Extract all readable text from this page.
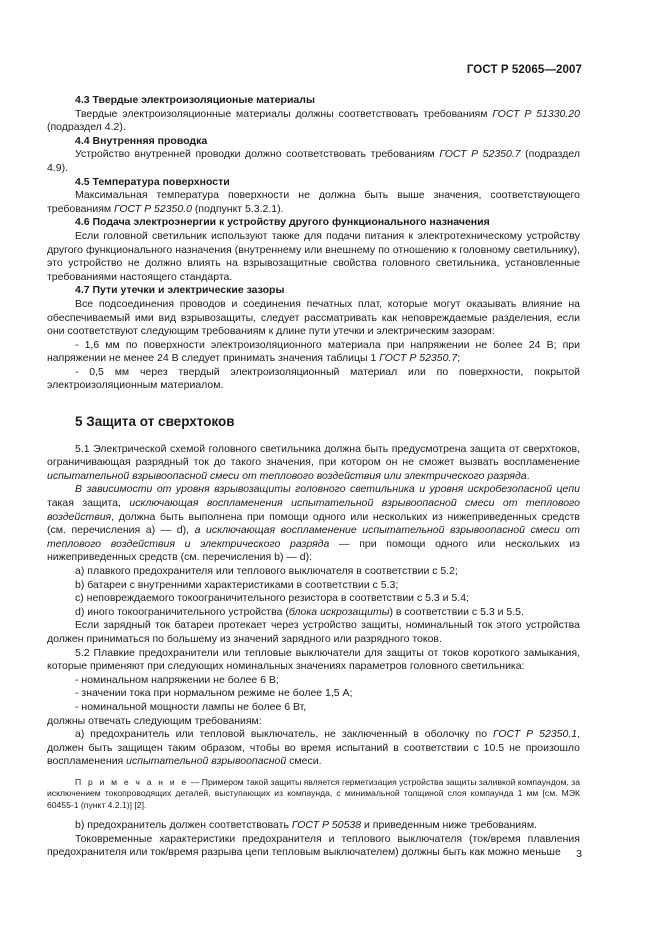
ГОСТ Р 52065—2007

4.3 Твердые электроизоляционые материалы

Твердые электроизоляционные материалы должны соответствовать требованиям ГОСТ Р 51330.20 (подраздел 4.2).

4.4 Внутренняя проводка

Устройство внутренней проводки должно соответствовать требованиям ГОСТ Р 52350.7 (подраздел 4.9).

4.5 Температура поверхности

Максимальная температура поверхности не должна быть выше значения, соответствующего требованиям ГОСТ Р 52350.0 (подпункт 5.3.2.1).

4.6 Подача электроэнергии к устройству другого функционального назначения

Если головной светильник используют также для подачи питания к электротехническому устройству другого функционального назначения (внутреннему или внешнему по отношению к головному светильнику), это устройство не должно влиять на взрывозащитные свойства головного светильника, установленные требованиями настоящего стандарта.

4.7 Пути утечки и электрические зазоры

Все подсоединения проводов и соединения печатных плат, которые могут оказывать влияние на обеспечиваемый ими вид взрывозащиты, следует рассматривать как неповреждаемые разделения, если они соответствуют следующим требованиям к длине пути утечки и электрическим зазорам:

- 1,6 мм по поверхности электроизоляционного материала при напряжении не более 24 В; при напряжении не менее 24 В следует принимать значения таблицы 1 ГОСТ Р 52350.7;

- 0,5 мм через твердый электроизоляционный материал или по поверхности, покрытой электроизоляционным материалом.

5 Защита от сверхтоков

5.1 Электрической схемой головного светильника должна быть предусмотрена защита от сверхтоков, ограничивающая разрядный ток до такого значения, при котором он не сможет вызвать воспламенение испытательной взрывоопасной смеси от теплового воздействия или электрического разряда.

В зависимости от уровня взрывозащиты головного светильника и уровня искробезопасной цепи такая защита, исключающая воспламенения испытательной взрывоопасной смеси от теплового воздействия, должна быть выполнена при помощи одного или нескольких из нижеприведенных средств (см. перечисления а) — d), а исключающая воспламенение испытательной взрывоопасной смеси от теплового воздействия и электрического разряда — при помощи одного или нескольких из нижеприведенных средств (см. перечисления b) — d):

a) плавкого предохранителя или теплового выключателя в соответствии с 5.2;

b) батареи с внутренними характеристиками в соответствии с 5.3;

c) неповреждаемого токоограничительного резистора в соответствии с 5.3 и 5.4;

d) иного токоограничительного устройства (блока искрозащиты) в соответствии с 5.3 и 5.5.

Если зарядный ток батареи протекает через устройство защиты, номинальный ток этого устройства должен приниматься по большему из значений зарядного или разрядного токов.

5.2 Плавкие предохранители или тепловые выключатели для защиты от токов короткого замыкания, которые применяют при следующих номинальных значениях параметров головного светильника:

- номинальном напряжении не более 6 В;

- значении тока при нормальном режиме не более 1,5 А;

- номинальной мощности лампы не более 6 Вт,

должны отвечать следующим требованиям:

a) предохранитель или тепловой выключатель, не заключенный в оболочку по ГОСТ Р 52350.1, должен быть защищен таким образом, чтобы во время испытаний в соответствии с 10.5 не произошло воспламенения испытательной взрывоопасной смеси.

П р и м е ч а н и е — Примером такой защиты является герметизация устройства защиты заливкой компаундом, за исключением токопроводящих деталей, выступающих из компаунда, с минимальной толщиной слоя компаунда 1 мм [см. МЭК 60455-1 (пункт 4.2.1)] [2].

b) предохранитель должен соответствовать ГОСТ Р 50538 и приведенным ниже требованиям.

Токовременные характеристики предохранителя и теплового выключателя (ток/время плавления предохранителя или ток/время разрыва цепи тепловым выключателем) должны быть как можно меньше	3
